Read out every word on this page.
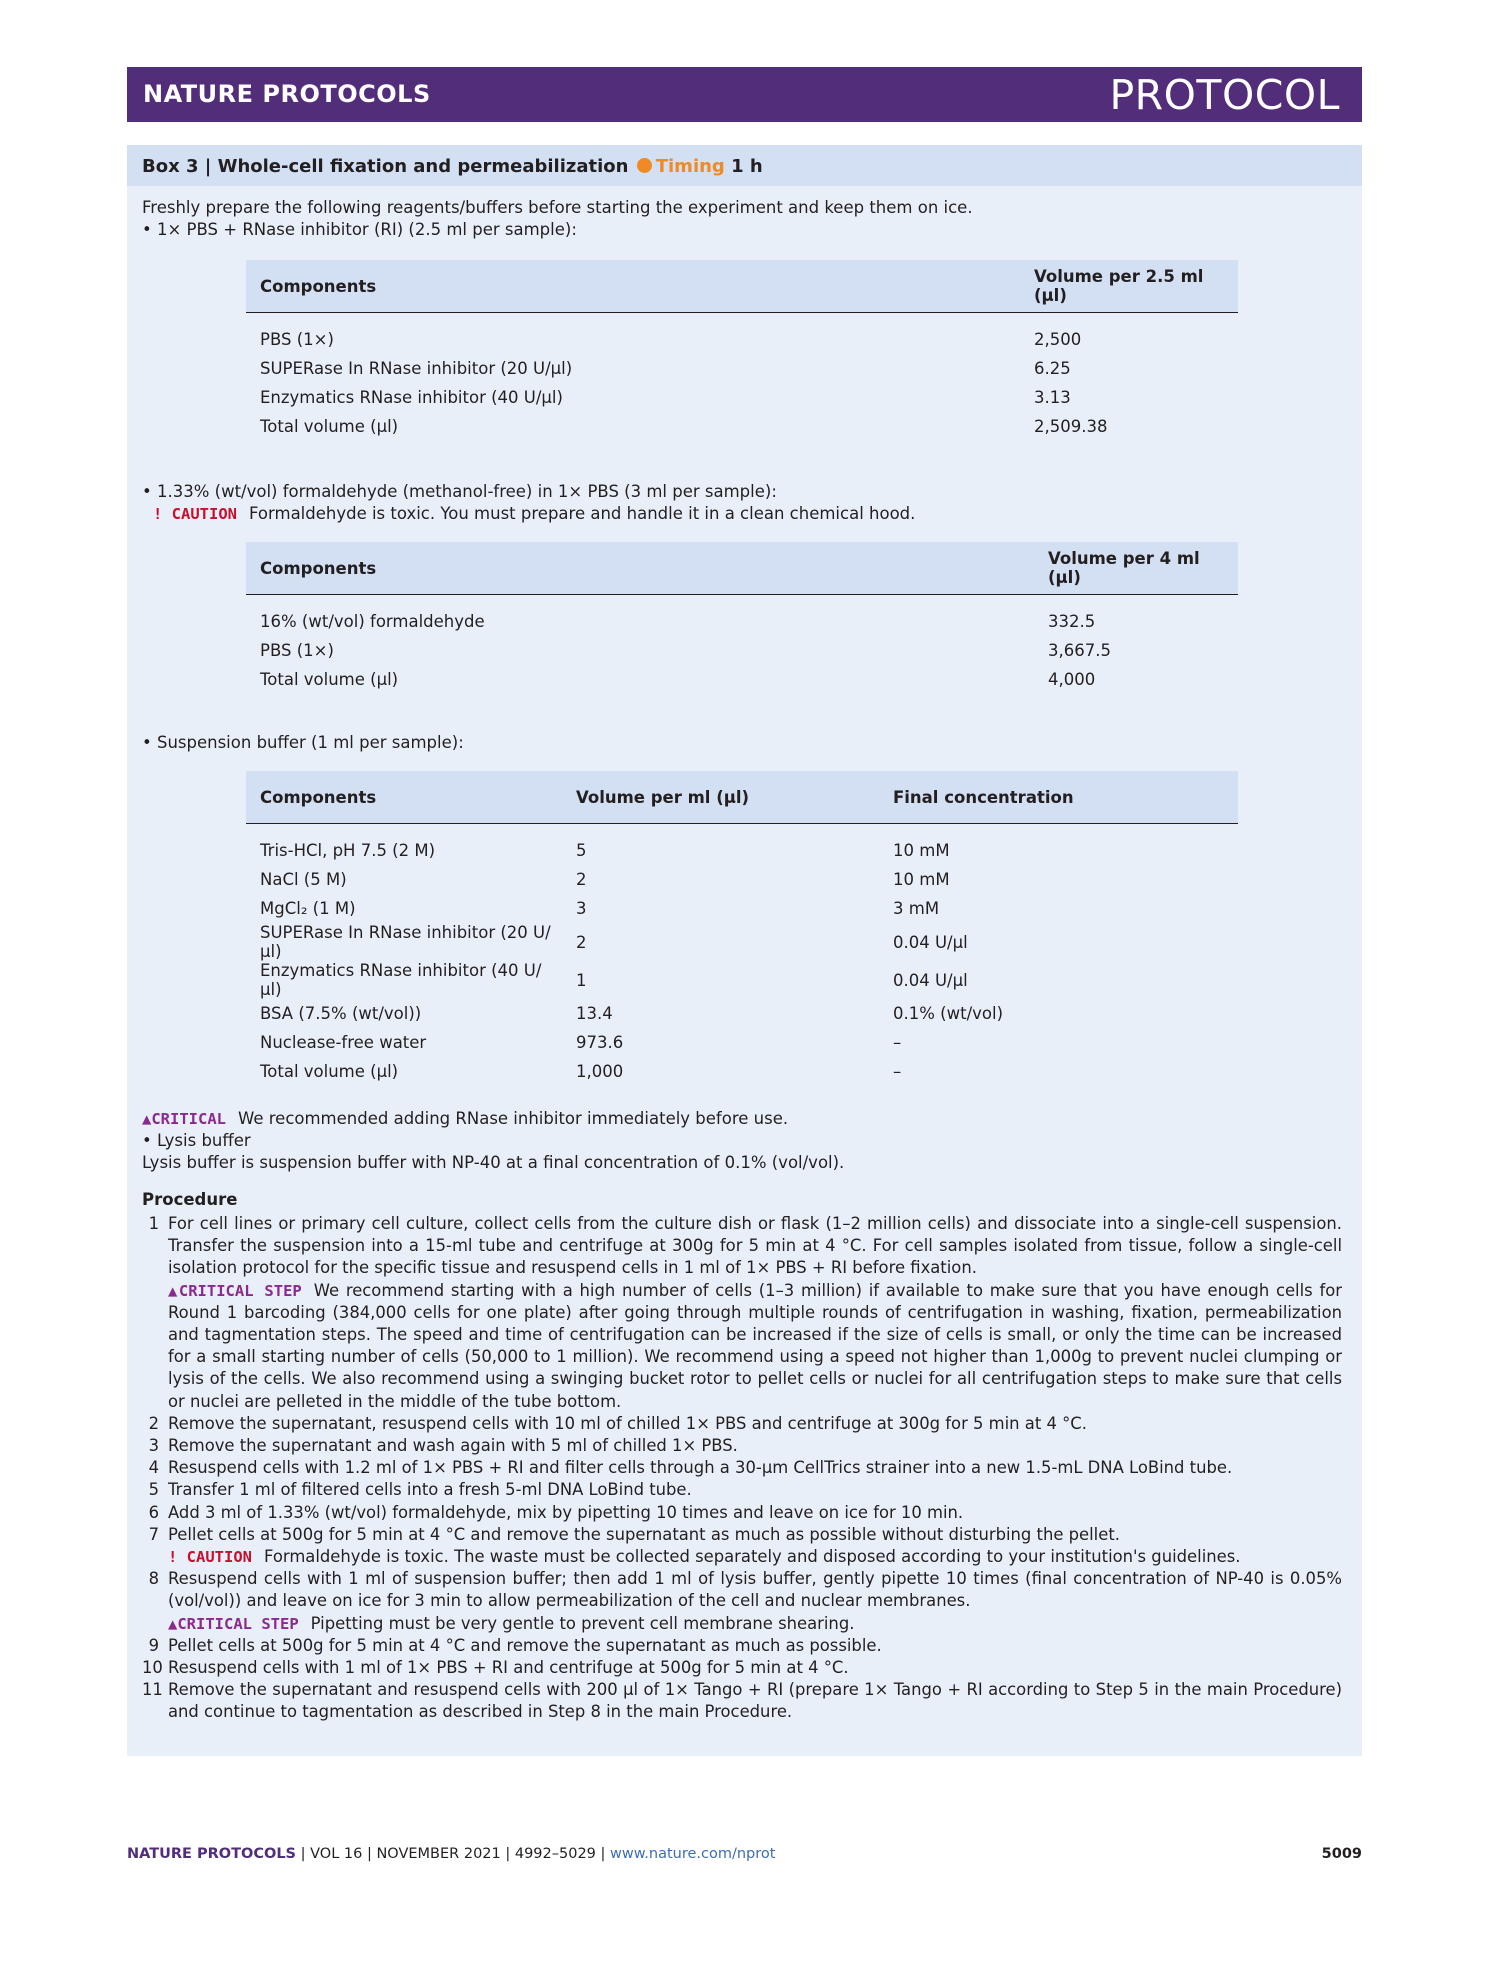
NATURE PROTOCOLS	PROTOCOL
Box 3 | Whole-cell fixation and permeabilization Timing 1 h
Freshly prepare the following reagents/buffers before starting the experiment and keep them on ice.
• 1× PBS + RNase inhibitor (RI) (2.5 ml per sample):
Components	Volume per 2.5 ml (µl)
PBS (1×)	2,500
SUPERase In RNase inhibitor (20 U/µl)	6.25
Enzymatics RNase inhibitor (40 U/µl)	3.13
Total volume (µl)	2,509.38
• 1.33% (wt/vol) formaldehyde (methanol-free) in 1× PBS (3 ml per sample):
! CAUTION Formaldehyde is toxic. You must prepare and handle it in a clean chemical hood.
Components	Volume per 4 ml (µl)
16% (wt/vol) formaldehyde	332.5
PBS (1×)	3,667.5
Total volume (µl)	4,000
• Suspension buffer (1 ml per sample):
Components	Volume per ml (µl)	Final concentration
Tris-HCl, pH 7.5 (2 M)	5	10 mM
NaCl (5 M)	2	10 mM
MgCl₂ (1 M)	3	3 mM
SUPERase In RNase inhibitor (20 U/µl)	2	0.04 U/µl
Enzymatics RNase inhibitor (40 U/µl)	1	0.04 U/µl
BSA (7.5% (wt/vol))	13.4	0.1% (wt/vol)
Nuclease-free water	973.6	–
Total volume (µl)	1,000	–
▲CRITICAL We recommended adding RNase inhibitor immediately before use.
• Lysis buffer
Lysis buffer is suspension buffer with NP-40 at a final concentration of 0.1% (vol/vol).
Procedure
1 For cell lines or primary cell culture, collect cells from the culture dish or flask (1–2 million cells) and dissociate into a single-cell suspension. Transfer the suspension into a 15-ml tube and centrifuge at 300g for 5 min at 4 °C. For cell samples isolated from tissue, follow a single-cell isolation protocol for the specific tissue and resuspend cells in 1 ml of 1× PBS + RI before fixation.
▲CRITICAL STEP We recommend starting with a high number of cells (1–3 million) if available to make sure that you have enough cells for Round 1 barcoding (384,000 cells for one plate) after going through multiple rounds of centrifugation in washing, fixation, permeabilization and tagmentation steps. The speed and time of centrifugation can be increased if the size of cells is small, or only the time can be increased for a small starting number of cells (50,000 to 1 million). We recommend using a speed not higher than 1,000g to prevent nuclei clumping or lysis of the cells. We also recommend using a swinging bucket rotor to pellet cells or nuclei for all centrifugation steps to make sure that cells or nuclei are pelleted in the middle of the tube bottom.
2 Remove the supernatant, resuspend cells with 10 ml of chilled 1× PBS and centrifuge at 300g for 5 min at 4 °C.
3 Remove the supernatant and wash again with 5 ml of chilled 1× PBS.
4 Resuspend cells with 1.2 ml of 1× PBS + RI and filter cells through a 30-µm CellTrics strainer into a new 1.5-mL DNA LoBind tube.
5 Transfer 1 ml of filtered cells into a fresh 5-ml DNA LoBind tube.
6 Add 3 ml of 1.33% (wt/vol) formaldehyde, mix by pipetting 10 times and leave on ice for 10 min.
7 Pellet cells at 500g for 5 min at 4 °C and remove the supernatant as much as possible without disturbing the pellet.
! CAUTION Formaldehyde is toxic. The waste must be collected separately and disposed according to your institution's guidelines.
8 Resuspend cells with 1 ml of suspension buffer; then add 1 ml of lysis buffer, gently pipette 10 times (final concentration of NP-40 is 0.05% (vol/vol)) and leave on ice for 3 min to allow permeabilization of the cell and nuclear membranes.
▲CRITICAL STEP Pipetting must be very gentle to prevent cell membrane shearing.
9 Pellet cells at 500g for 5 min at 4 °C and remove the supernatant as much as possible.
10 Resuspend cells with 1 ml of 1× PBS + RI and centrifuge at 500g for 5 min at 4 °C.
11 Remove the supernatant and resuspend cells with 200 µl of 1× Tango + RI (prepare 1× Tango + RI according to Step 5 in the main Procedure) and continue to tagmentation as described in Step 8 in the main Procedure.
NATURE PROTOCOLS | VOL 16 | NOVEMBER 2021 | 4992–5029 | www.nature.com/nprot	5009
